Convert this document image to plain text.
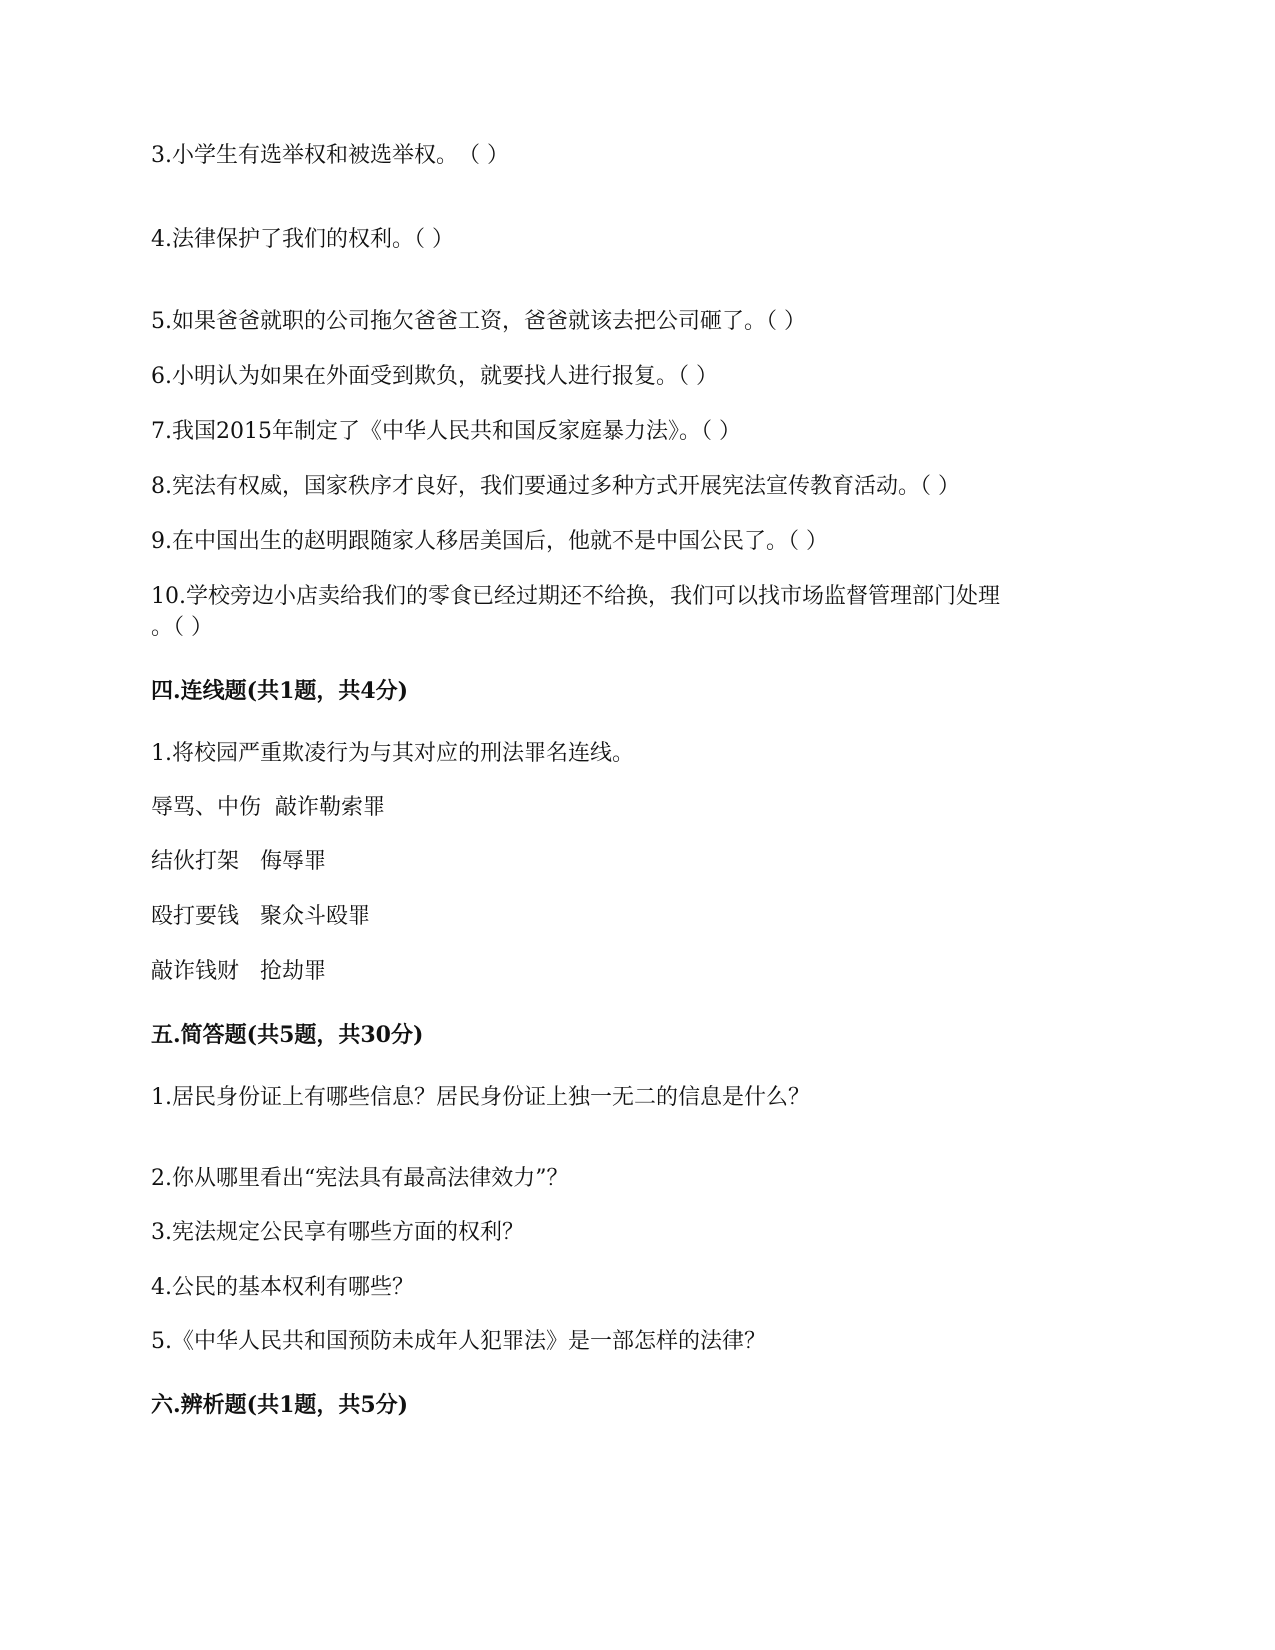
3.小学生有选举权和被选举权。　（ ）
4.法律保护了我们的权利。（ ）
5.如果爸爸就职的公司拖欠爸爸工资，爸爸就该去把公司砸了。（ ）
6.小明认为如果在外面受到欺负，就要找人进行报复。（ ）
7.我国2015年制定了《中华人民共和国反家庭暴力法》。（ ）
8.宪法有权威，国家秩序才良好，我们要通过多种方式开展宪法宣传教育活动。（ ）
9.在中国出生的赵明跟随家人移居美国后，他就不是中国公民了。（ ）
10.学校旁边小店卖给我们的零食已经过期还不给换，我们可以找市场监督管理部门处理
。（ ）
四.连线题(共1题，共4分)
1.将校园严重欺凌行为与其对应的刑法罪名连线。
辱骂、中伤  敲诈勒索罪
结伙打架   侮辱罪
殴打要钱   聚众斗殴罪
敲诈钱财   抢劫罪
五.简答题(共5题，共30分)
1.居民身份证上有哪些信息？居民身份证上独一无二的信息是什么？
2.你从哪里看出“宪法具有最高法律效力”？
3.宪法规定公民享有哪些方面的权利？
4.公民的基本权利有哪些？
5.《中华人民共和国预防未成年人犯罪法》是一部怎样的法律？
六.辨析题(共1题，共5分)
